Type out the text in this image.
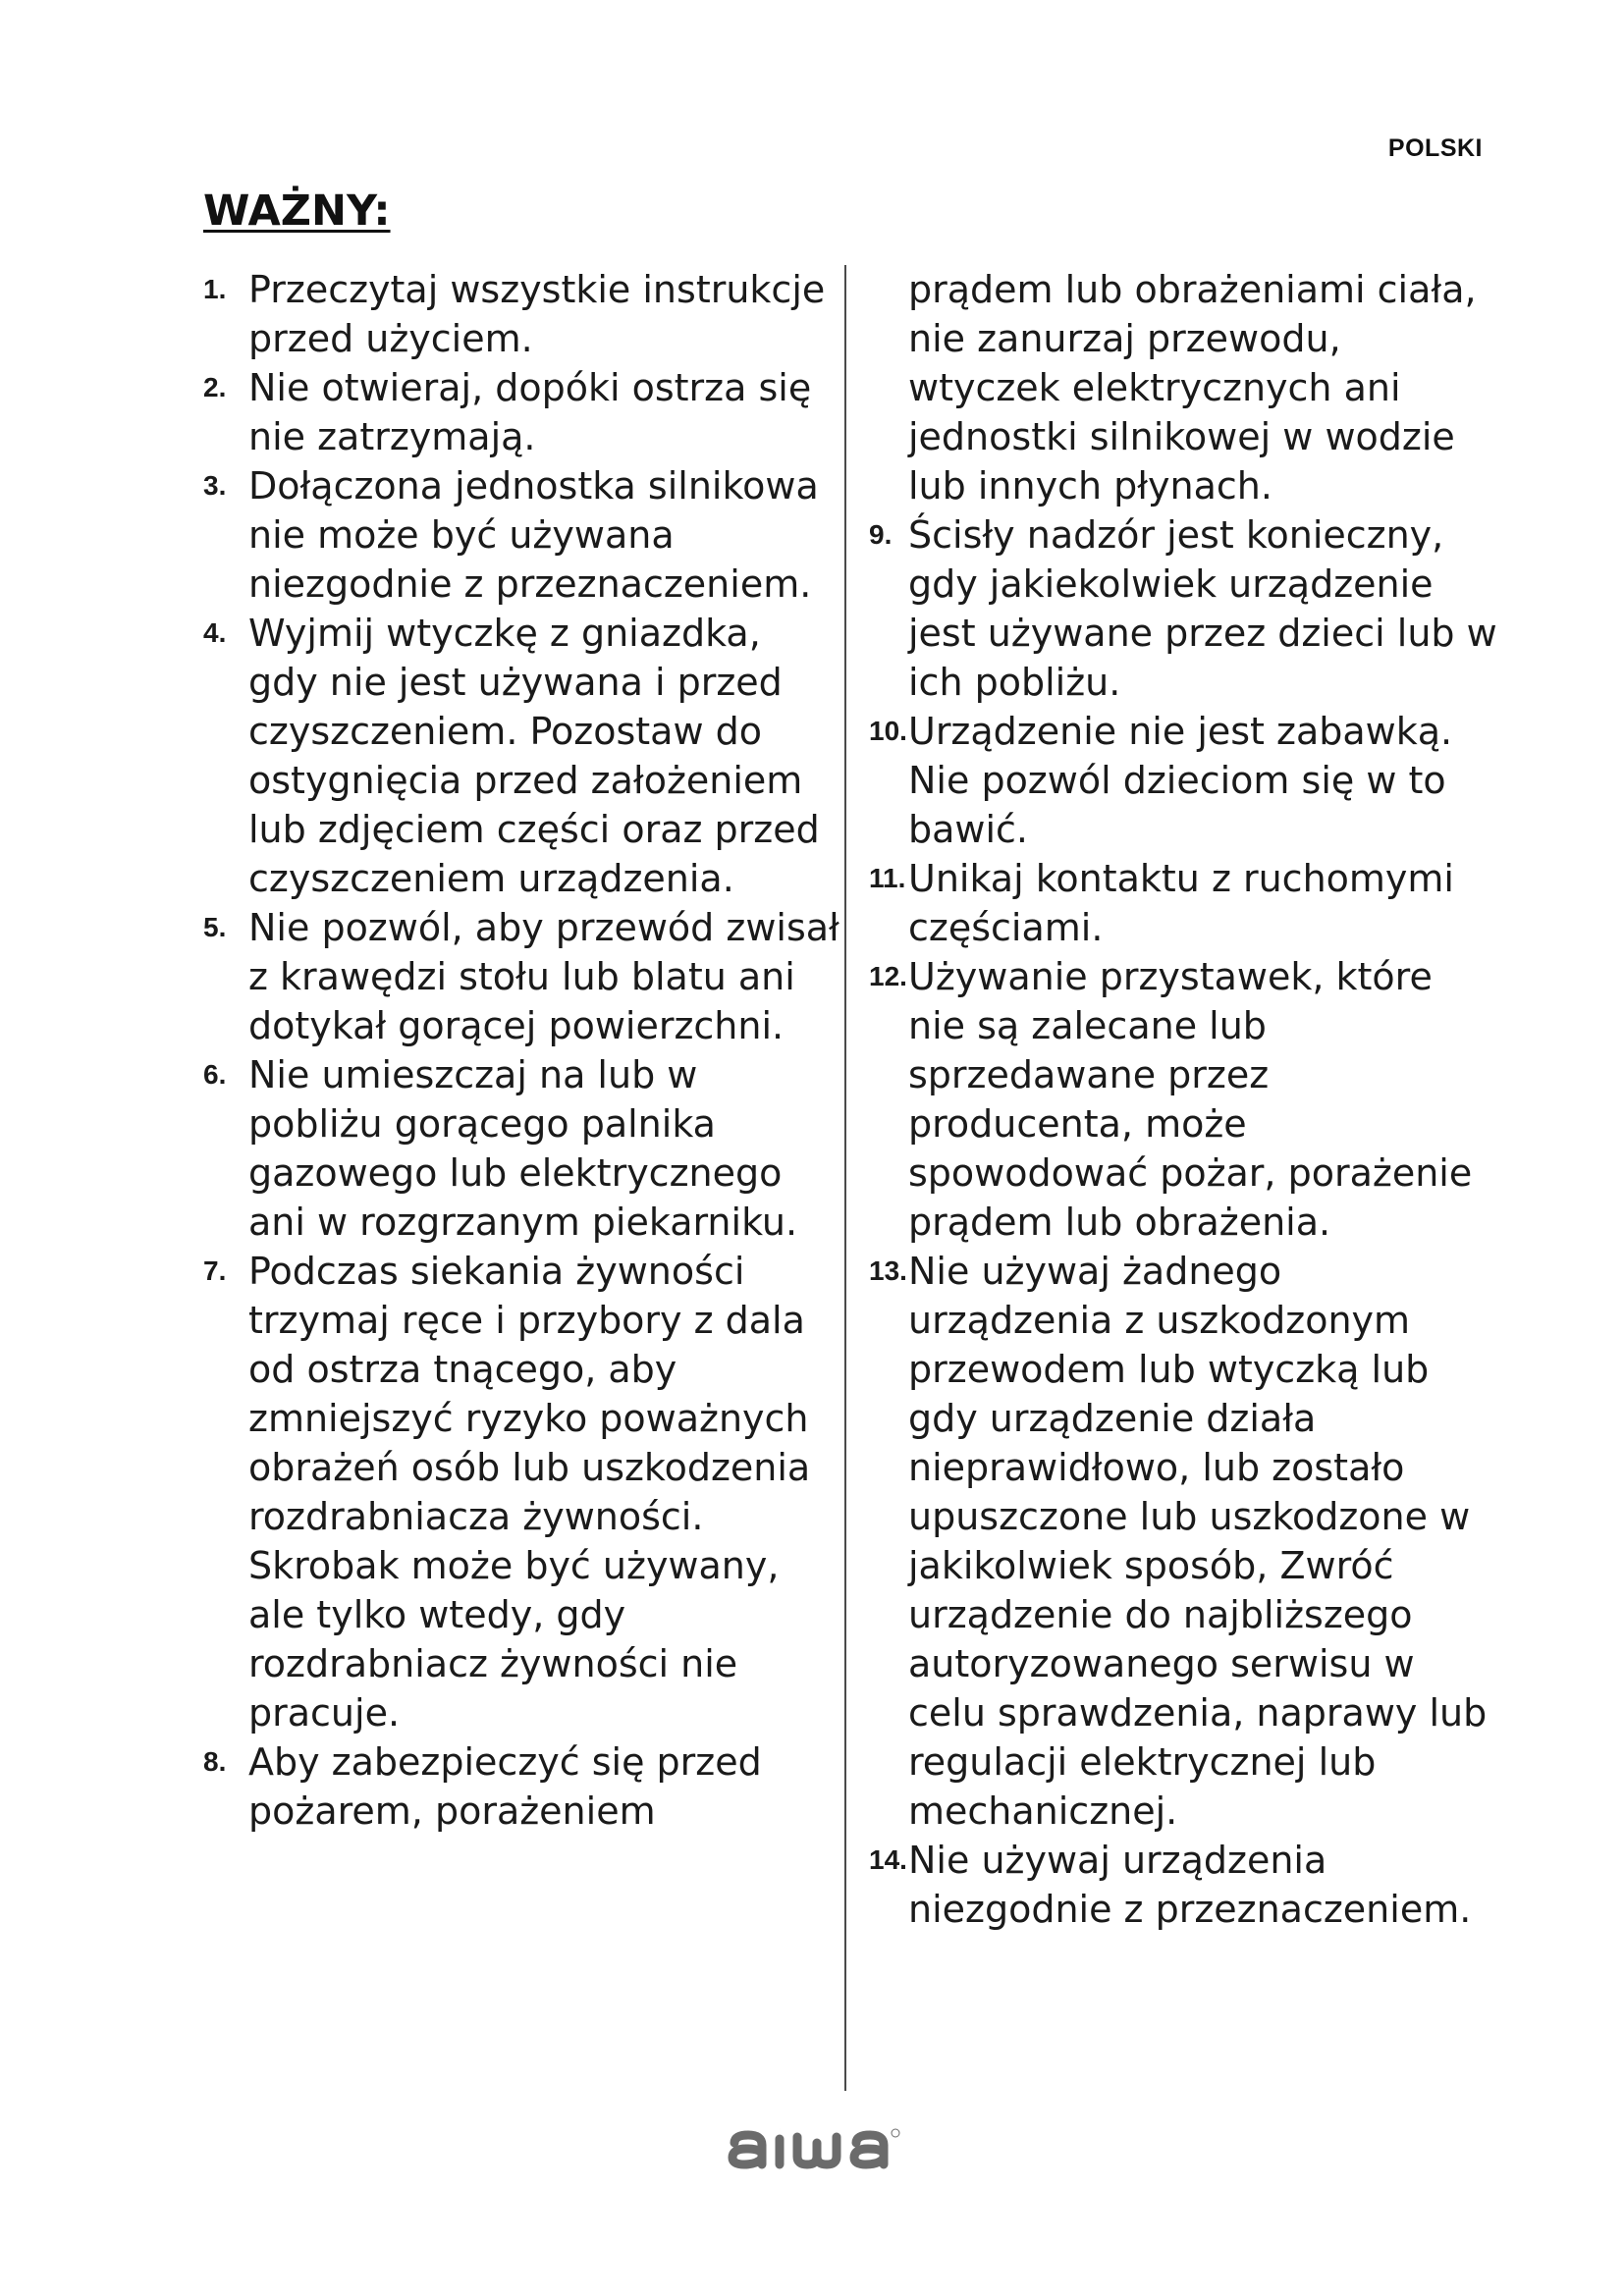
POLSKI
WAŻNY:

1. Przeczytaj wszystkie instrukcje przed użyciem.

2. Nie otwieraj, dopóki ostrza się nie zatrzymają.

3. Dołączona jednostka silnikowa nie może być używana niezgodnie z przeznaczeniem.

4. Wyjmij wtyczkę z gniazdka, gdy nie jest używana i przed czyszczeniem. Pozostaw do ostygnięcia przed założeniem lub zdjęciem części oraz przed czyszczeniem urządzenia.

5. Nie pozwól, aby przewód zwisał z krawędzi stołu lub blatu ani dotykał gorącej powierzchni.

6. Nie umieszczaj na lub w pobliżu gorącego palnika gazowego lub elektrycznego ani w rozgrzanym piekarniku.

7. Podczas siekania żywności trzymaj ręce i przybory z dala od ostrza tnącego, aby zmniejszyć ryzyko poważnych obrażeń osób lub uszkodzenia rozdrabniacza żywności. Skrobak może być używany, ale tylko wtedy, gdy rozdrabniacz żywności nie pracuje.

8. Aby zabezpieczyć się przed pożarem, porażeniem

prądem lub obrażeniami ciała, nie zanurzaj przewodu, wtyczek elektrycznych ani jednostki silnikowej w wodzie lub innych płynach.

9. Ścisły nadzór jest konieczny, gdy jakiekolwiek urządzenie jest używane przez dzieci lub w ich pobliżu.

10. Urządzenie nie jest zabawką. Nie pozwól dzieciom się w to bawić.

11. Unikaj kontaktu z ruchomymi częściami.

12. Używanie przystawek, które nie są zalecane lub sprzedawane przez producenta, może spowodować pożar, porażenie prądem lub obrażenia.

13. Nie używaj żadnego urządzenia z uszkodzonym przewodem lub wtyczką lub gdy urządzenie działa nieprawidłowo, lub zostało upuszczone lub uszkodzone w jakikolwiek sposób, Zwróć urządzenie do najbliższego autoryzowanego serwisu w celu sprawdzenia, naprawy lub regulacji elektrycznej lub mechanicznej.

14. Nie używaj urządzenia niezgodnie z przeznaczeniem.
